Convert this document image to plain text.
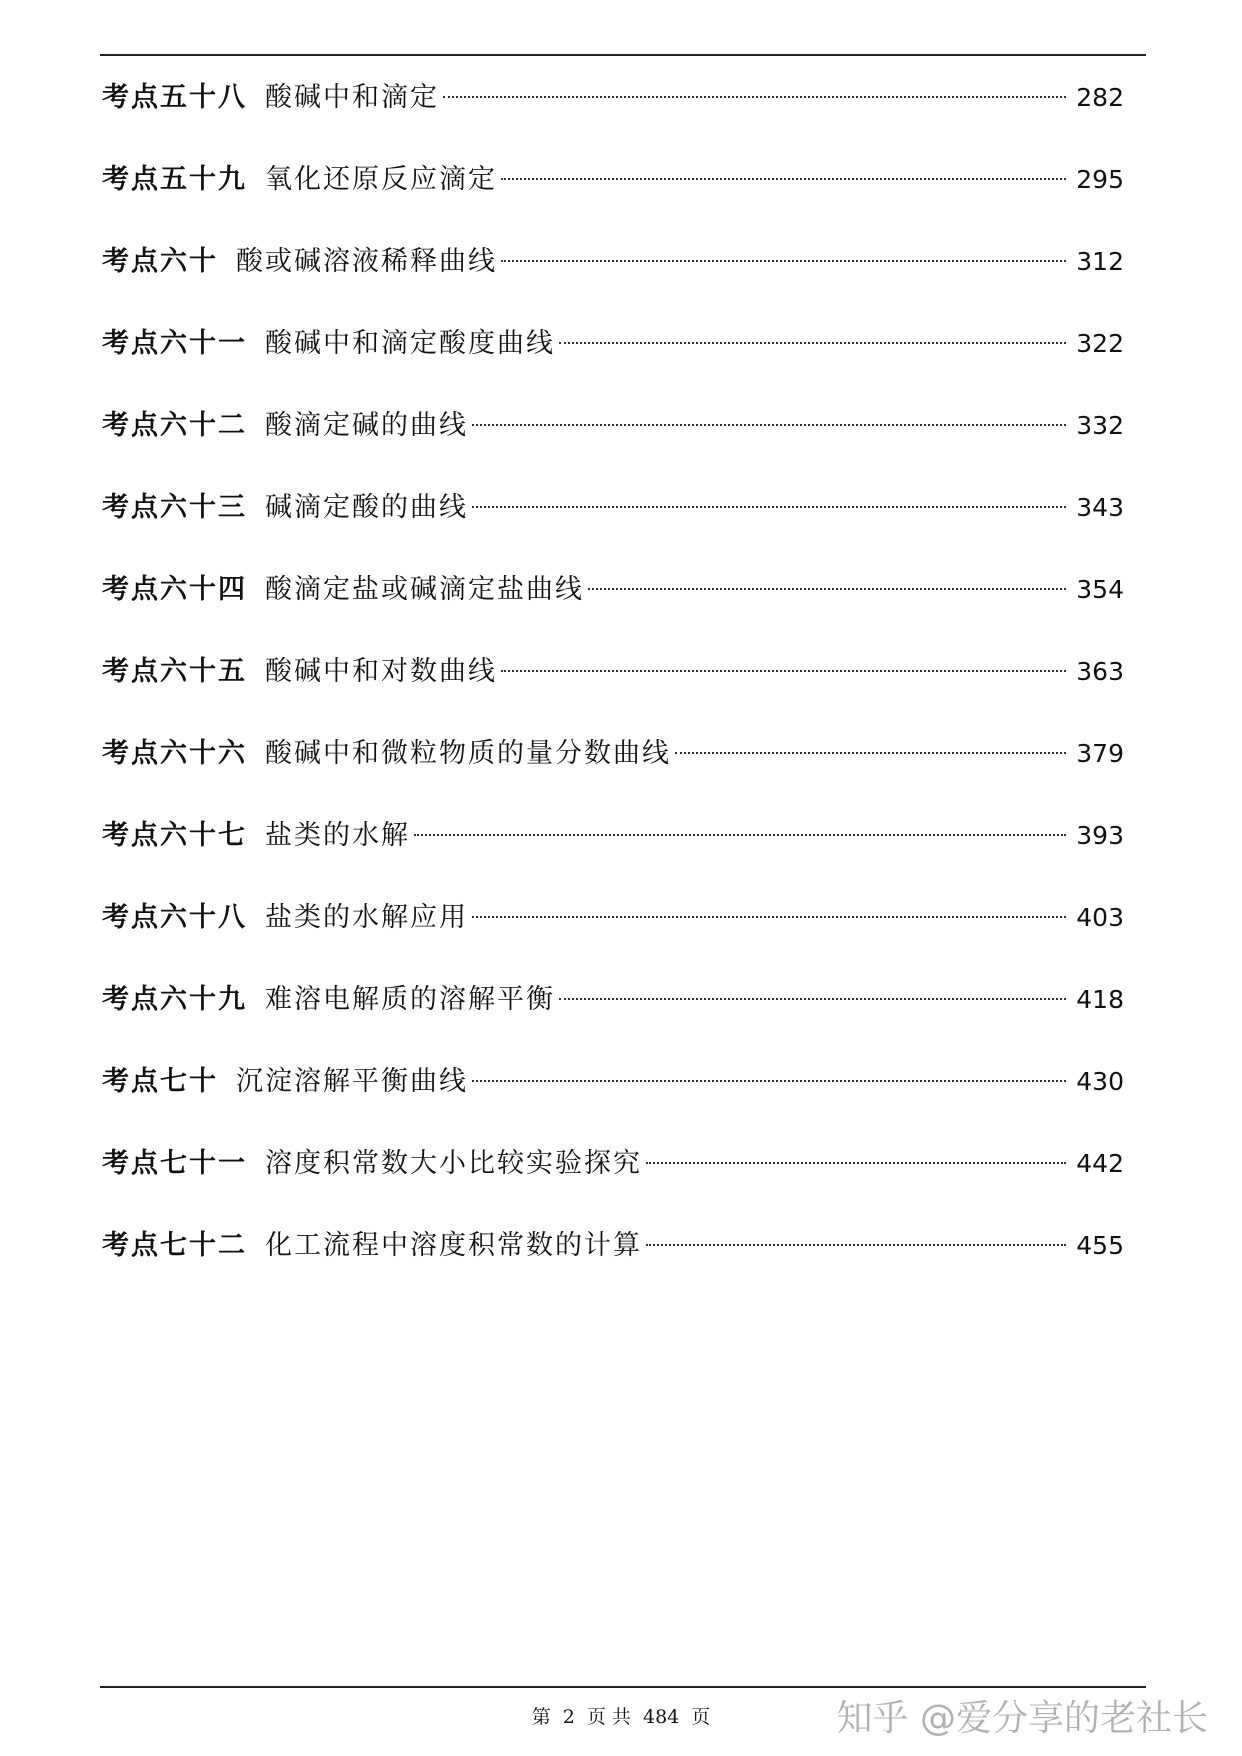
考点五十八 酸碱中和滴定	282
考点五十九 氧化还原反应滴定	295
考点六十 酸或碱溶液稀释曲线	312
考点六十一 酸碱中和滴定酸度曲线	322
考点六十二 酸滴定碱的曲线	332
考点六十三 碱滴定酸的曲线	343
考点六十四 酸滴定盐或碱滴定盐曲线	354
考点六十五 酸碱中和对数曲线	363
考点六十六 酸碱中和微粒物质的量分数曲线	379
考点六十七 盐类的水解	393
考点六十八 盐类的水解应用	403
考点六十九 难溶电解质的溶解平衡	418
考点七十 沉淀溶解平衡曲线	430
考点七十一 溶度积常数大小比较实验探究	442
考点七十二 化工流程中溶度积常数的计算	455
第 2 页 共 484 页	知乎 @爱分享的老社长
